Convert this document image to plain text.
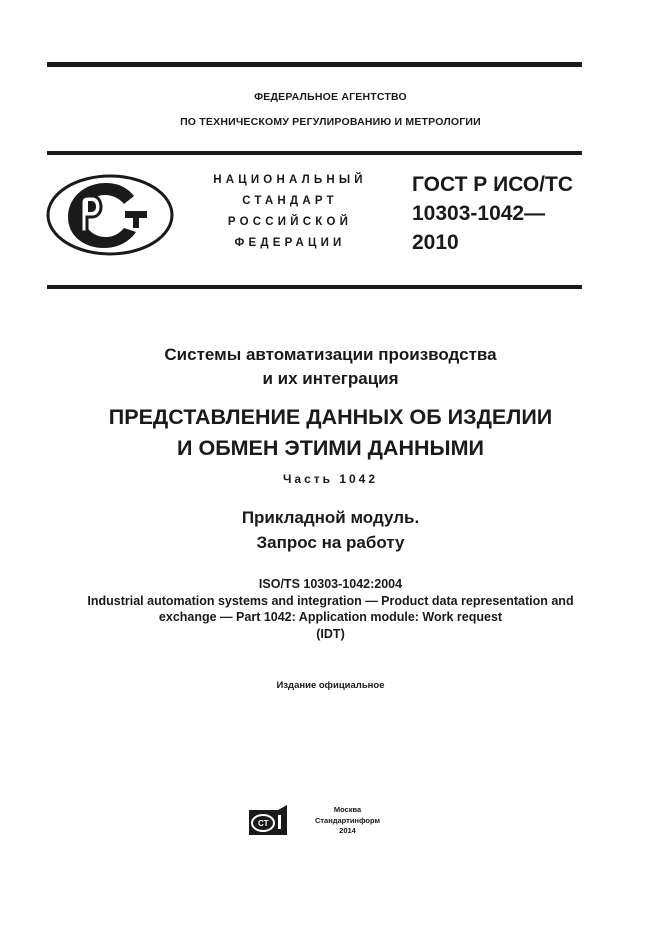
ФЕДЕРАЛЬНОЕ АГЕНТСТВО
ПО ТЕХНИЧЕСКОМУ РЕГУЛИРОВАНИЮ И МЕТРОЛОГИИ
НАЦИОНАЛЬНЫЙ
СТАНДАРТ
РОССИЙСКОЙ
ФЕДЕРАЦИИ
ГОСТ Р ИСО/ТС
10303-1042—
2010
Системы автоматизации производства
и их интеграция
ПРЕДСТАВЛЕНИЕ ДАННЫХ ОБ ИЗДЕЛИИ
И ОБМЕН ЭТИМИ ДАННЫМИ
Часть 1042
Прикладной модуль.
Запрос на работу
ISO/TS 10303-1042:2004
Industrial automation systems and integration — Product data representation and
exchange — Part 1042: Application module: Work request
(IDT)
Издание официальное
СТ
Москва
Стандартинформ
2014
